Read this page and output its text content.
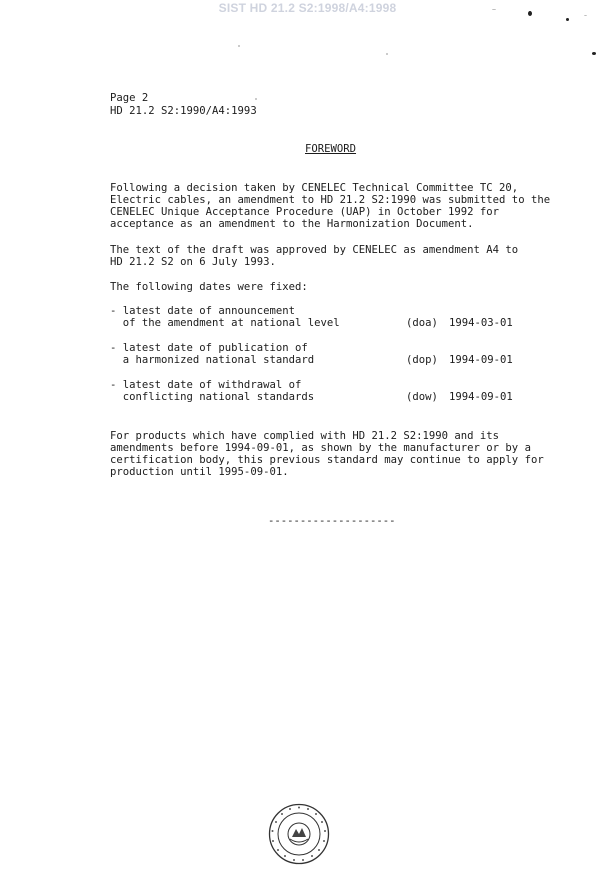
SIST HD 21.2 S2:1998/A4:1998
Page 2
HD 21.2 S2:1990/A4:1993
FOREWORD
Following a decision taken by CENELEC Technical Committee TC 20,
Electric cables, an amendment to HD 21.2 S2:1990 was submitted to the
CENELEC Unique Acceptance Procedure (UAP) in October 1992 for
acceptance as an amendment to the Harmonization Document.
The text of the draft was approved by CENELEC as amendment A4 to
HD 21.2 S2 on 6 July 1993.
The following dates were fixed:
- latest date of announcement
of the amendment at national level	(doa) 1994-03-01
- latest date of publication of
a harmonized national standard	(dop) 1994-09-01
- latest date of withdrawal of
conflicting national standards	(dow) 1994-09-01
For products which have complied with HD 21.2 S2:1990 and its
amendments before 1994-09-01, as shown by the manufacturer or by a
certification body, this previous standard may continue to apply for
production until 1995-09-01.
--------------------
